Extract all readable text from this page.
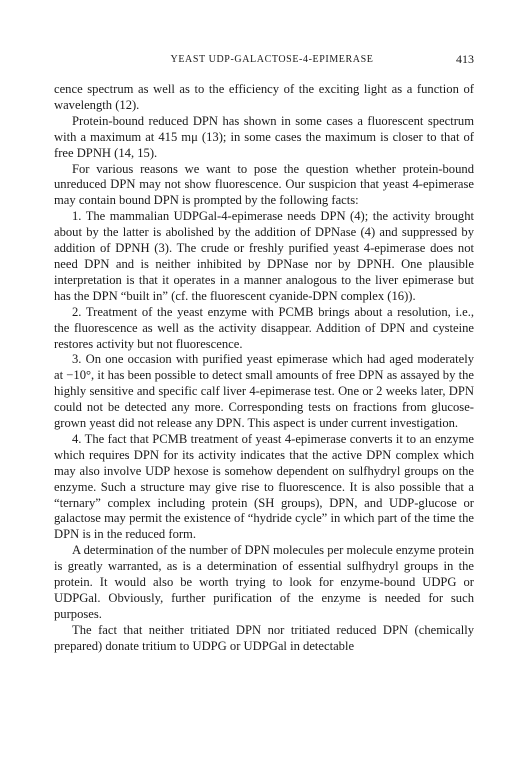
YEAST UDP-GALACTOSE-4-EPIMERASE	413

cence spectrum as well as to the efficiency of the exciting light as a function of wavelength (12).

Protein-bound reduced DPN has shown in some cases a fluorescent spectrum with a maximum at 415 mμ (13); in some cases the maximum is closer to that of free DPNH (14, 15).

For various reasons we want to pose the question whether protein-bound unreduced DPN may not show fluorescence. Our suspicion that yeast 4-epimerase may contain bound DPN is prompted by the following facts:

1. The mammalian UDPGal-4-epimerase needs DPN (4); the activity brought about by the latter is abolished by the addition of DPNase (4) and suppressed by addition of DPNH (3). The crude or freshly purified yeast 4-epimerase does not need DPN and is neither inhibited by DPNase nor by DPNH. One plausible interpretation is that it operates in a manner analogous to the liver epimerase but has the DPN “built in” (cf. the fluorescent cyanide-DPN complex (16)).

2. Treatment of the yeast enzyme with PCMB brings about a resolution, i.e., the fluorescence as well as the activity disappear. Addition of DPN and cysteine restores activity but not fluorescence.

3. On one occasion with purified yeast epimerase which had aged moderately at −10°, it has been possible to detect small amounts of free DPN as assayed by the highly sensitive and specific calf liver 4-epimerase test. One or 2 weeks later, DPN could not be detected any more. Corresponding tests on fractions from glucose-grown yeast did not release any DPN. This aspect is under current investigation.

4. The fact that PCMB treatment of yeast 4-epimerase converts it to an enzyme which requires DPN for its activity indicates that the active DPN complex which may also involve UDP hexose is somehow dependent on sulfhydryl groups on the enzyme. Such a structure may give rise to fluorescence. It is also possible that a “ternary” complex including protein (SH groups), DPN, and UDP-glucose or galactose may permit the existence of “hydride cycle” in which part of the time the DPN is in the reduced form.

A determination of the number of DPN molecules per molecule enzyme protein is greatly warranted, as is a determination of essential sulfhydryl groups in the protein. It would also be worth trying to look for enzyme-bound UDPG or UDPGal. Obviously, further purification of the enzyme is needed for such purposes.

The fact that neither tritiated DPN nor tritiated reduced DPN (chemically prepared) donate tritium to UDPG or UDPGal in detectable
